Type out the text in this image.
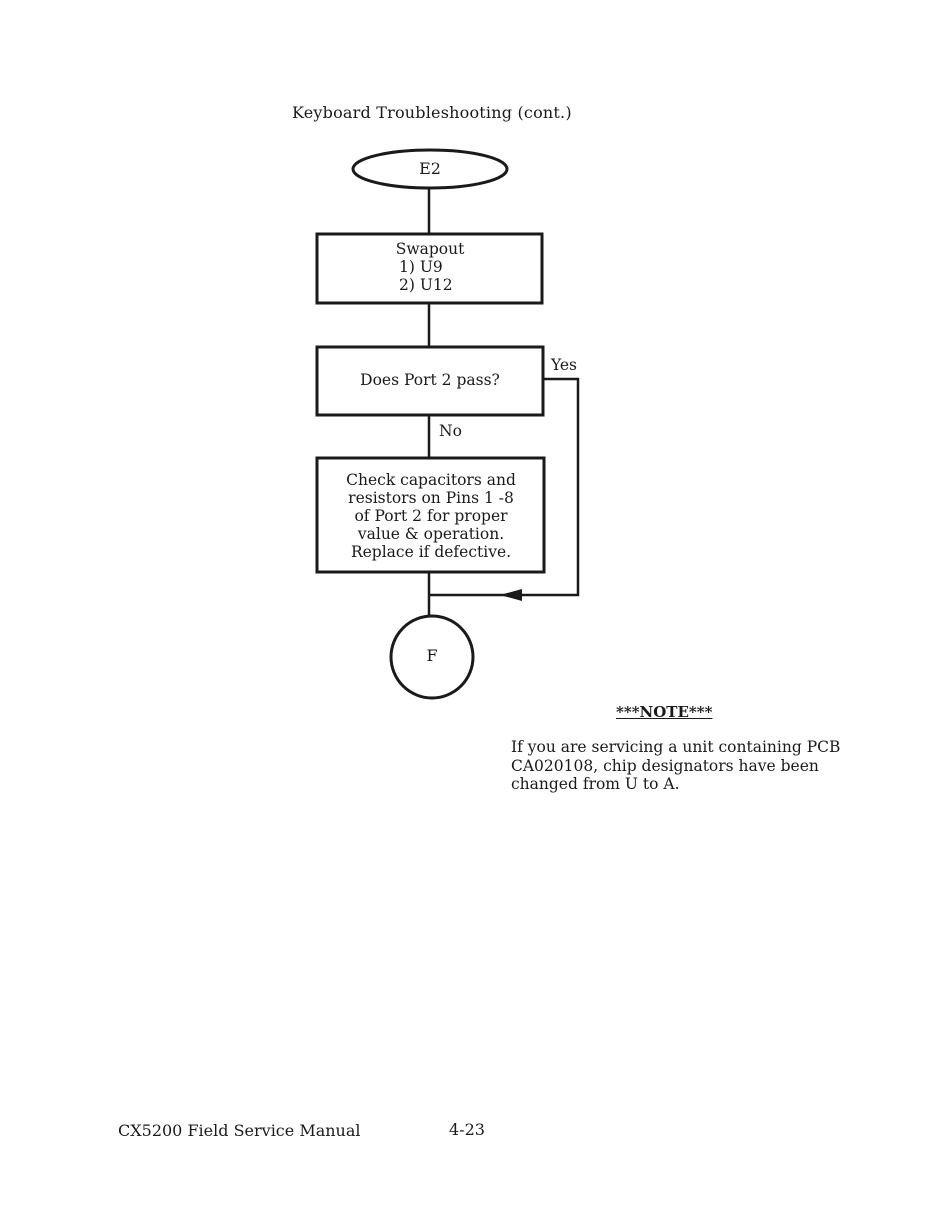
Keyboard Troubleshooting (cont.)
E2
Swapout
1) U9
2) U12
Does Port 2 pass?
Yes
No
Check capacitors and
resistors on Pins 1 -8
of Port 2 for proper
value & operation.
Replace if defective.
F
***NOTE***
If you are servicing a unit containing PCB CA020108, chip designators have been changed from U to A.
CX5200 Field Service Manual	4-23
